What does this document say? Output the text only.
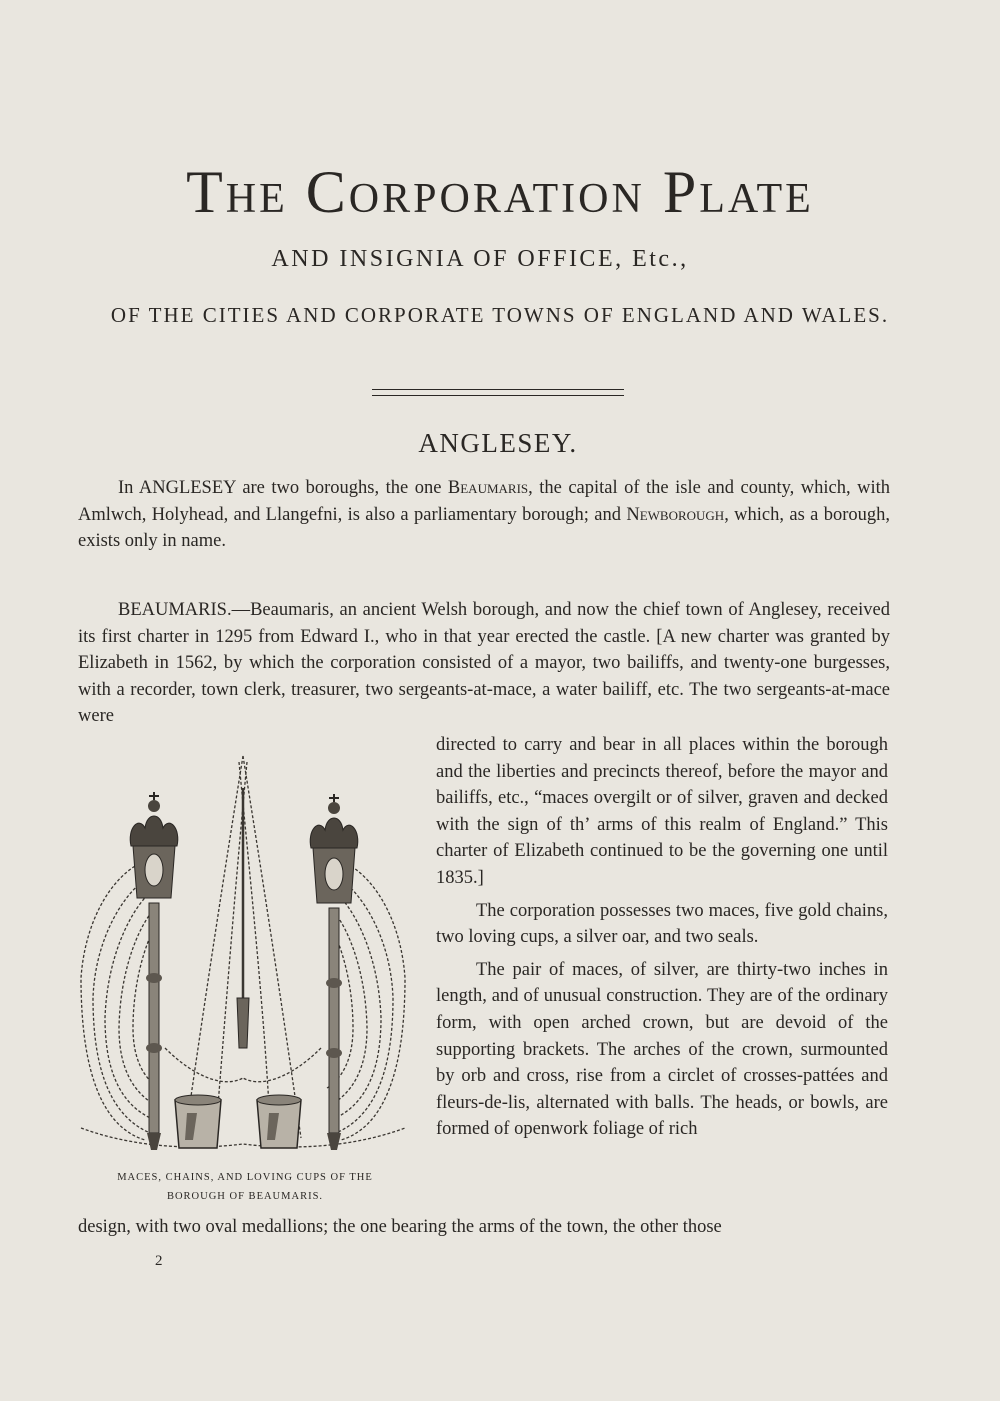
The Corporation Plate

AND INSIGNIA OF OFFICE, Etc.,

OF THE CITIES AND CORPORATE TOWNS OF ENGLAND AND WALES.

ANGLESEY.

In ANGLESEY are two boroughs, the one Beaumaris, the capital of the isle and county, which, with Amlwch, Holyhead, and Llangefni, is also a parliamentary borough; and Newborough, which, as a borough, exists only in name.

BEAUMARIS.—Beaumaris, an ancient Welsh borough, and now the chief town of Anglesey, received its first charter in 1295 from Edward I., who in that year erected the castle. [A new charter was granted by Elizabeth in 1562, by which the corporation consisted of a mayor, two bailiffs, and twenty-one burgesses, with a recorder, town clerk, treasurer, two sergeants-at-mace, a water bailiff, etc. The two sergeants-at-mace were

directed to carry and bear in all places within the borough and the liberties and precincts thereof, before the mayor and bailiffs, etc., “maces overgilt or of silver, graven and decked with the sign of th’ arms of this realm of England.” This charter of Elizabeth continued to be the governing one until 1835.]

The corporation possesses two maces, five gold chains, two loving cups, a silver oar, and two seals.

The pair of maces, of silver, are thirty-two inches in length, and of unusual construction. They are of the ordinary form, with open arched crown, but are devoid of the supporting brackets. The arches of the crown, surmounted by orb and cross, rise from a circlet of crosses-pattées and fleurs-de-lis, alternated with balls. The heads, or bowls, are formed of openwork foliage of rich

design, with two oval medallions; the one bearing the arms of the town, the other those

MACES, CHAINS, AND LOVING CUPS OF THE
BOROUGH OF BEAUMARIS.

2
